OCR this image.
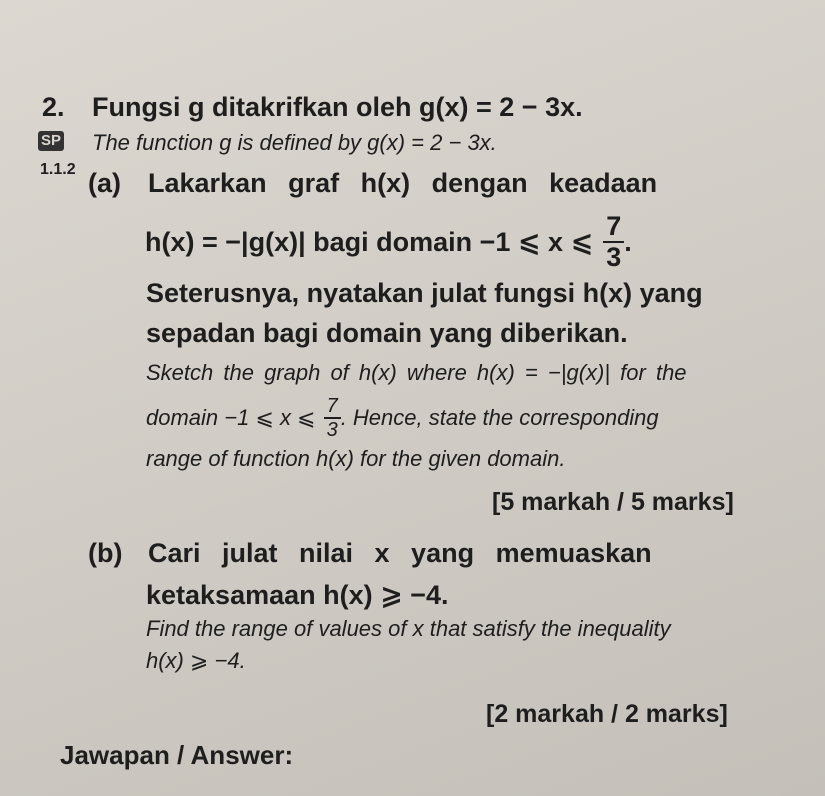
2. Fungsi g ditakrifkan oleh g(x) = 2 − 3x.
SP The function g is defined by g(x) = 2 − 3x.
1.1.2 (a) Lakarkan graf h(x) dengan keadaan
h(x) = −|g(x)| bagi domain −1 ⩽ x ⩽ $\frac{7}{3}$ .
Seterusnya, nyatakan julat fungsi h(x) yang
sepadan bagi domain yang diberikan.
Sketch the graph of h(x) where h(x) = −|g(x)| for the
domain −1 ⩽ x ⩽ $\frac{7}{3}$ . Hence, state the corresponding
range of function h(x) for the given domain.
[5 markah / 5 marks]
(b) Cari julat nilai x yang memuaskan
ketaksamaan h(x) ⩾ −4.
Find the range of values of x that satisfy the inequality
h(x) ⩾ −4.
[2 markah / 2 marks]
Jawapan / Answer:
